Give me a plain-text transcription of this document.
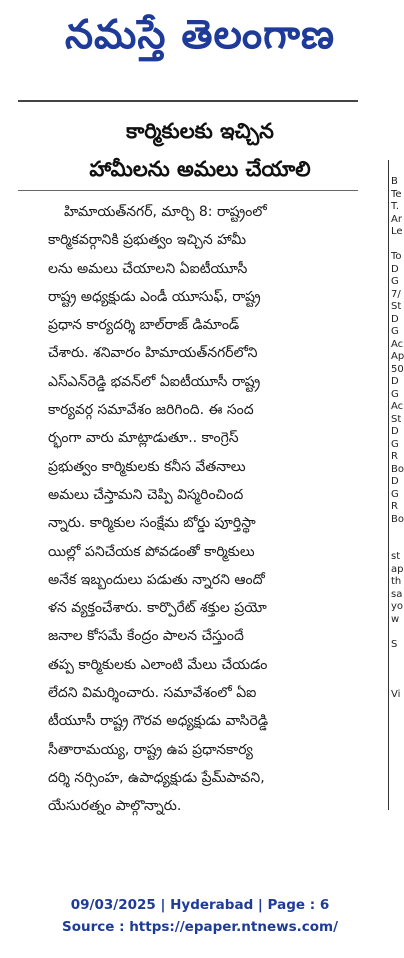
నమస్తే తెలంగాణ
కార్మికులకు ఇచ్చిన
హామీలను అమలు చేయాలి
హిమాయత్‌నగర్, మార్చి 8: రాష్ట్రంలో
కార్మికవర్గానికి ప్రభుత్వం ఇచ్చిన హామీ
లను అమలు చేయాలని ఏఐటీయూసీ
రాష్ట్ర అధ్యక్షుడు ఎండీ యూసుఫ్, రాష్ట్ర
ప్రధాన కార్యదర్శి బాల్‌రాజ్ డిమాండ్
చేశారు. శనివారం హిమాయత్‌నగర్‌లోని
ఎస్‌ఎన్‌రెడ్డి భవన్‌లో ఏఐటీయూసీ రాష్ట్ర
కార్యవర్గ సమావేశం జరిగింది. ఈ సంద
ర్భంగా వారు మాట్లాడుతూ.. కాంగ్రెస్
ప్రభుత్వం కార్మికులకు కనీస వేతనాలు
అమలు చేస్తామని చెప్పి విస్మరించింద
న్నారు. కార్మికుల సంక్షేమ బోర్డు పూర్తిస్థా
యిల్లో పనిచేయక పోవడంతో కార్మికులు
అనేక ఇబ్బందులు పడుతు న్నారని ఆందో
ళన వ్యక్తంచేశారు. కార్పొరేట్ శక్తుల ప్రయో
జనాల కోసమే కేంద్రం పాలన చేస్తుందే
తప్ప కార్మికులకు ఎలాంటి మేలు చేయడం
లేదని విమర్శించారు. సమావేశంలో ఏఐ
టీయూసీ రాష్ట్ర గౌరవ అధ్యక్షుడు వాసిరెడ్డి
సీతారామయ్య, రాష్ట్ర ఉప ప్రధానకార్య
దర్శి నర్సింహ, ఉపాధ్యక్షుడు ప్రేమ్‌పావని,
యేసురత్నం పాల్గొన్నారు.
B
Te
T.
Ar
Le

To
D
G
7/
St
D
G
Ac
Ap
50
D
G
Ac
St
D
G
R
Bo
D
G
R
Bo

st
ap
th
sa
yo
w

S

Vi
09/03/2025 | Hyderabad | Page : 6
Source : https://epaper.ntnews.com/
